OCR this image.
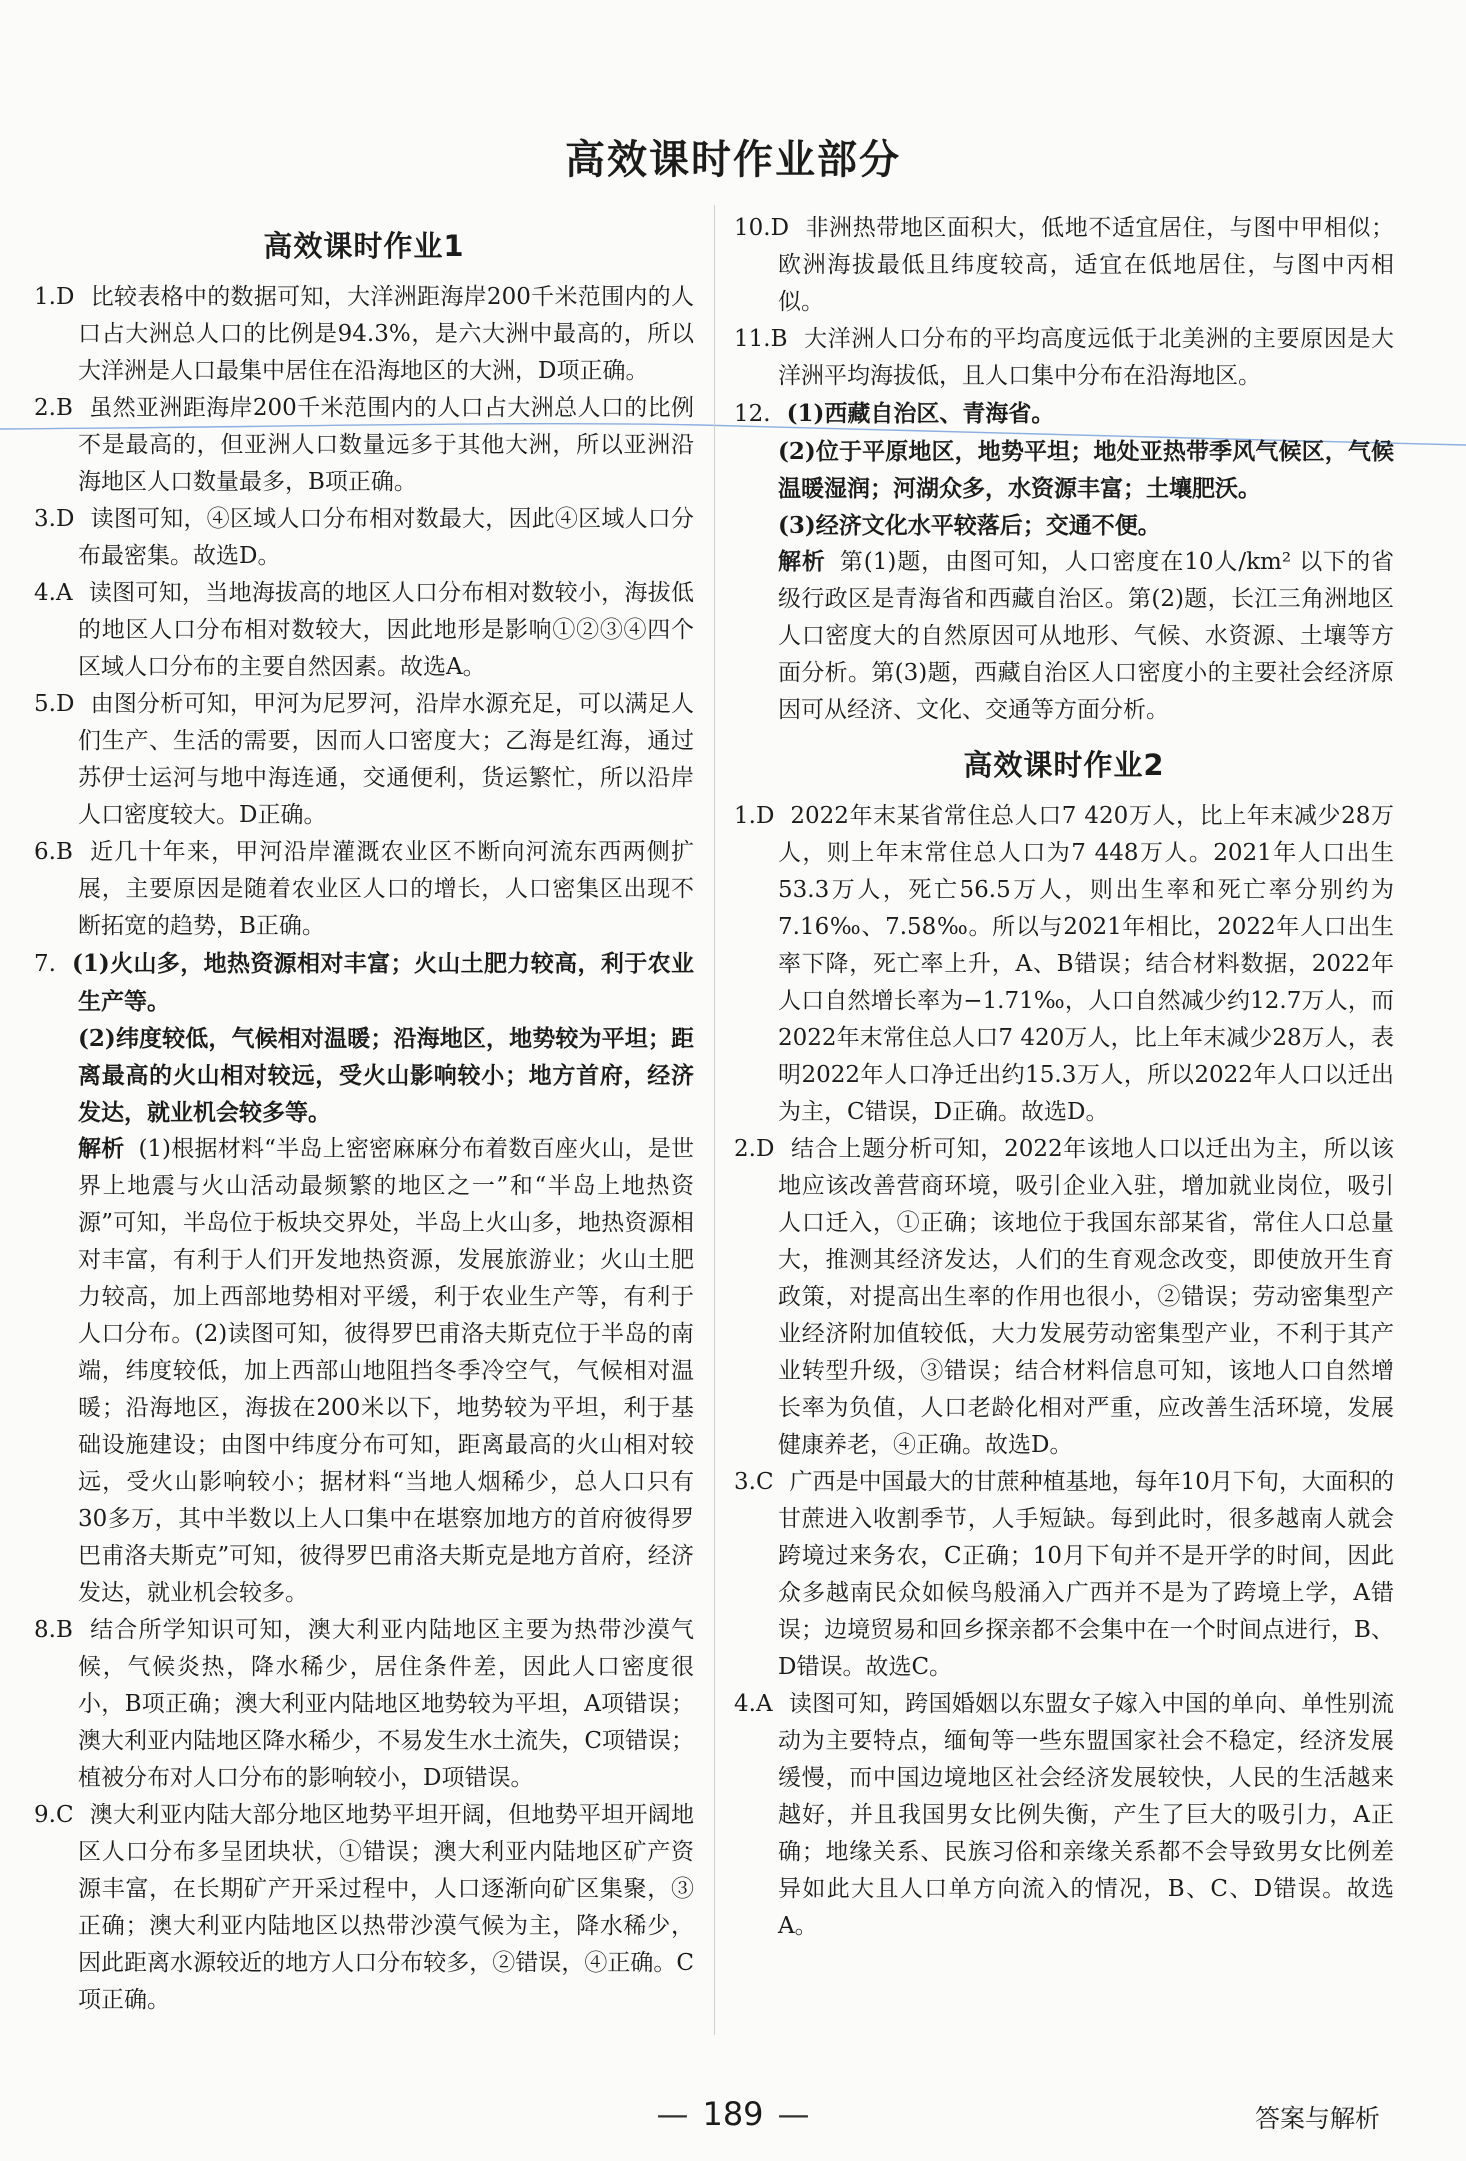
高效课时作业部分
高效课时作业1

1.D 比较表格中的数据可知，大洋洲距海岸200千米范围内的人口占大洲总人口的比例是94.3%，是六大洲中最高的，所以大洋洲是人口最集中居住在沿海地区的大洲，D项正确。

2.B 虽然亚洲距海岸200千米范围内的人口占大洲总人口的比例不是最高的，但亚洲人口数量远多于其他大洲，所以亚洲沿海地区人口数量最多，B项正确。

3.D 读图可知，④区域人口分布相对数最大，因此④区域人口分布最密集。故选D。

4.A 读图可知，当地海拔高的地区人口分布相对数较小，海拔低的地区人口分布相对数较大，因此地形是影响①②③④四个区域人口分布的主要自然因素。故选A。

5.D 由图分析可知，甲河为尼罗河，沿岸水源充足，可以满足人们生产、生活的需要，因而人口密度大；乙海是红海，通过苏伊士运河与地中海连通，交通便利，货运繁忙，所以沿岸人口密度较大。D正确。

6.B 近几十年来，甲河沿岸灌溉农业区不断向河流东西两侧扩展，主要原因是随着农业区人口的增长，人口密集区出现不断拓宽的趋势，B正确。

7. (1)火山多，地热资源相对丰富；火山土肥力较高，利于农业生产等。

(2)纬度较低，气候相对温暖；沿海地区，地势较为平坦；距离最高的火山相对较远，受火山影响较小；地方首府，经济发达，就业机会较多等。

解析 (1)根据材料“半岛上密密麻麻分布着数百座火山，是世界上地震与火山活动最频繁的地区之一”和“半岛上地热资源”可知，半岛位于板块交界处，半岛上火山多，地热资源相对丰富，有利于人们开发地热资源，发展旅游业；火山土肥力较高，加上西部地势相对平缓，利于农业生产等，有利于人口分布。(2)读图可知，彼得罗巴甫洛夫斯克位于半岛的南端，纬度较低，加上西部山地阻挡冬季冷空气，气候相对温暖；沿海地区，海拔在200米以下，地势较为平坦，利于基础设施建设；由图中纬度分布可知，距离最高的火山相对较远，受火山影响较小；据材料“当地人烟稀少，总人口只有30多万，其中半数以上人口集中在堪察加地方的首府彼得罗巴甫洛夫斯克”可知，彼得罗巴甫洛夫斯克是地方首府，经济发达，就业机会较多。

8.B 结合所学知识可知，澳大利亚内陆地区主要为热带沙漠气候，气候炎热，降水稀少，居住条件差，因此人口密度很小，B项正确；澳大利亚内陆地区地势较为平坦，A项错误；澳大利亚内陆地区降水稀少，不易发生水土流失，C项错误；植被分布对人口分布的影响较小，D项错误。

9.C 澳大利亚内陆大部分地区地势平坦开阔，但地势平坦开阔地区人口分布多呈团块状，①错误；澳大利亚内陆地区矿产资源丰富，在长期矿产开采过程中，人口逐渐向矿区集聚，③正确；澳大利亚内陆地区以热带沙漠气候为主，降水稀少，因此距离水源较近的地方人口分布较多，②错误，④正确。C项正确。

10.D 非洲热带地区面积大，低地不适宜居住，与图中甲相似；欧洲海拔最低且纬度较高，适宜在低地居住，与图中丙相似。

11.B 大洋洲人口分布的平均高度远低于北美洲的主要原因是大洋洲平均海拔低，且人口集中分布在沿海地区。

12. (1)西藏自治区、青海省。

(2)位于平原地区，地势平坦；地处亚热带季风气候区，气候温暖湿润；河湖众多，水资源丰富；土壤肥沃。

(3)经济文化水平较落后；交通不便。

解析 第(1)题，由图可知，人口密度在10人/km² 以下的省级行政区是青海省和西藏自治区。第(2)题，长江三角洲地区人口密度大的自然原因可从地形、气候、水资源、土壤等方面分析。第(3)题，西藏自治区人口密度小的主要社会经济原因可从经济、文化、交通等方面分析。

高效课时作业2

1.D 2022年末某省常住总人口7 420万人，比上年末减少28万人，则上年末常住总人口为7 448万人。2021年人口出生53.3万人，死亡56.5万人，则出生率和死亡率分别约为7.16‰、7.58‰。所以与2021年相比，2022年人口出生率下降，死亡率上升，A、B错误；结合材料数据，2022年人口自然增长率为−1.71‰，人口自然减少约12.7万人，而2022年末常住总人口7 420万人，比上年末减少28万人，表明2022年人口净迁出约15.3万人，所以2022年人口以迁出为主，C错误，D正确。故选D。

2.D 结合上题分析可知，2022年该地人口以迁出为主，所以该地应该改善营商环境，吸引企业入驻，增加就业岗位，吸引人口迁入，①正确；该地位于我国东部某省，常住人口总量大，推测其经济发达，人们的生育观念改变，即使放开生育政策，对提高出生率的作用也很小，②错误；劳动密集型产业经济附加值较低，大力发展劳动密集型产业，不利于其产业转型升级，③错误；结合材料信息可知，该地人口自然增长率为负值，人口老龄化相对严重，应改善生活环境，发展健康养老，④正确。故选D。

3.C 广西是中国最大的甘蔗种植基地，每年10月下旬，大面积的甘蔗进入收割季节，人手短缺。每到此时，很多越南人就会跨境过来务农，C正确；10月下旬并不是开学的时间，因此众多越南民众如候鸟般涌入广西并不是为了跨境上学，A错误；边境贸易和回乡探亲都不会集中在一个时间点进行，B、D错误。故选C。

4.A 读图可知，跨国婚姻以东盟女子嫁入中国的单向、单性别流动为主要特点，缅甸等一些东盟国家社会不稳定，经济发展缓慢，而中国边境地区社会经济发展较快，人民的生活越来越好，并且我国男女比例失衡，产生了巨大的吸引力，A正确；地缘关系、民族习俗和亲缘关系都不会导致男女比例差异如此大且人口单方向流入的情况，B、C、D错误。故选A。

— 189 —	答案与解析
